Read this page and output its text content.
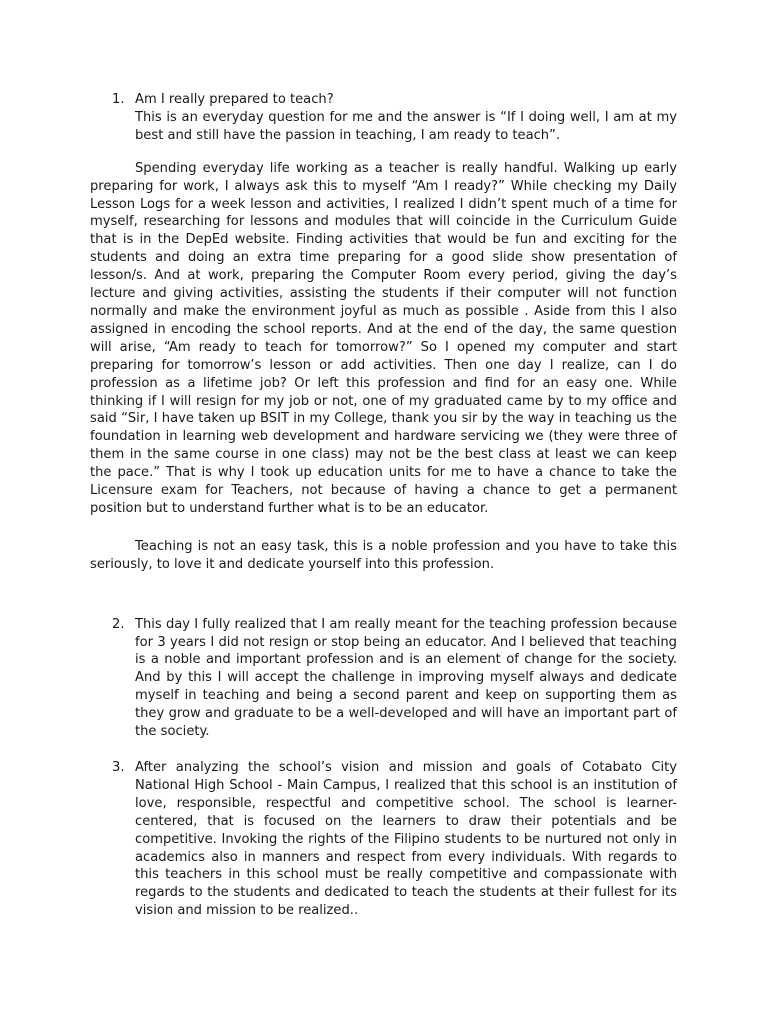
1. Am I really prepared to teach?
This is an everyday question for me and the answer is “If I doing well, I am at my best and still have the passion in teaching, I am ready to teach”.
Spending everyday life working as a teacher is really handful. Walking up early preparing for work, I always ask this to myself “Am I ready?” While checking my Daily Lesson Logs for a week lesson and activities, I realized I didn’t spent much of a time for myself, researching for lessons and modules that will coincide in the Curriculum Guide that is in the DepEd website. Finding activities that would be fun and exciting for the students and doing an extra time preparing for a good slide show presentation of lesson/s. And at work, preparing the Computer Room every period, giving the day’s lecture and giving activities, assisting the students if their computer will not function normally and make the environment joyful as much as possible . Aside from this I also assigned in encoding the school reports. And at the end of the day, the same question will arise, “Am ready to teach for tomorrow?” So I opened my computer and start preparing for tomorrow’s lesson or add activities. Then one day I realize, can I do profession as a lifetime job? Or left this profession and find for an easy one. While thinking if I will resign for my job or not, one of my graduated came by to my office and said “Sir, I have taken up BSIT in my College, thank you sir by the way in teaching us the foundation in learning web development and hardware servicing we (they were three of them in the same course in one class) may not be the best class at least we can keep the pace.” That is why I took up education units for me to have a chance to take the Licensure exam for Teachers, not because of having a chance to get a permanent position but to understand further what is to be an educator.
Teaching is not an easy task, this is a noble profession and you have to take this seriously, to love it and dedicate yourself into this profession.
2. This day I fully realized that I am really meant for the teaching profession because for 3 years I did not resign or stop being an educator. And I believed that teaching is a noble and important profession and is an element of change for the society. And by this I will accept the challenge in improving myself always and dedicate myself in teaching and being a second parent and keep on supporting them as they grow and graduate to be a well-developed and will have an important part of the society.
3. After analyzing the school’s vision and mission and goals of Cotabato City National High School - Main Campus, I realized that this school is an institution of love, responsible, respectful and competitive school. The school is learner-centered, that is focused on the learners to draw their potentials and be competitive. Invoking the rights of the Filipino students to be nurtured not only in academics also in manners and respect from every individuals. With regards to this teachers in this school must be really competitive and compassionate with regards to the students and dedicated to teach the students at their fullest for its vision and mission to be realized..
